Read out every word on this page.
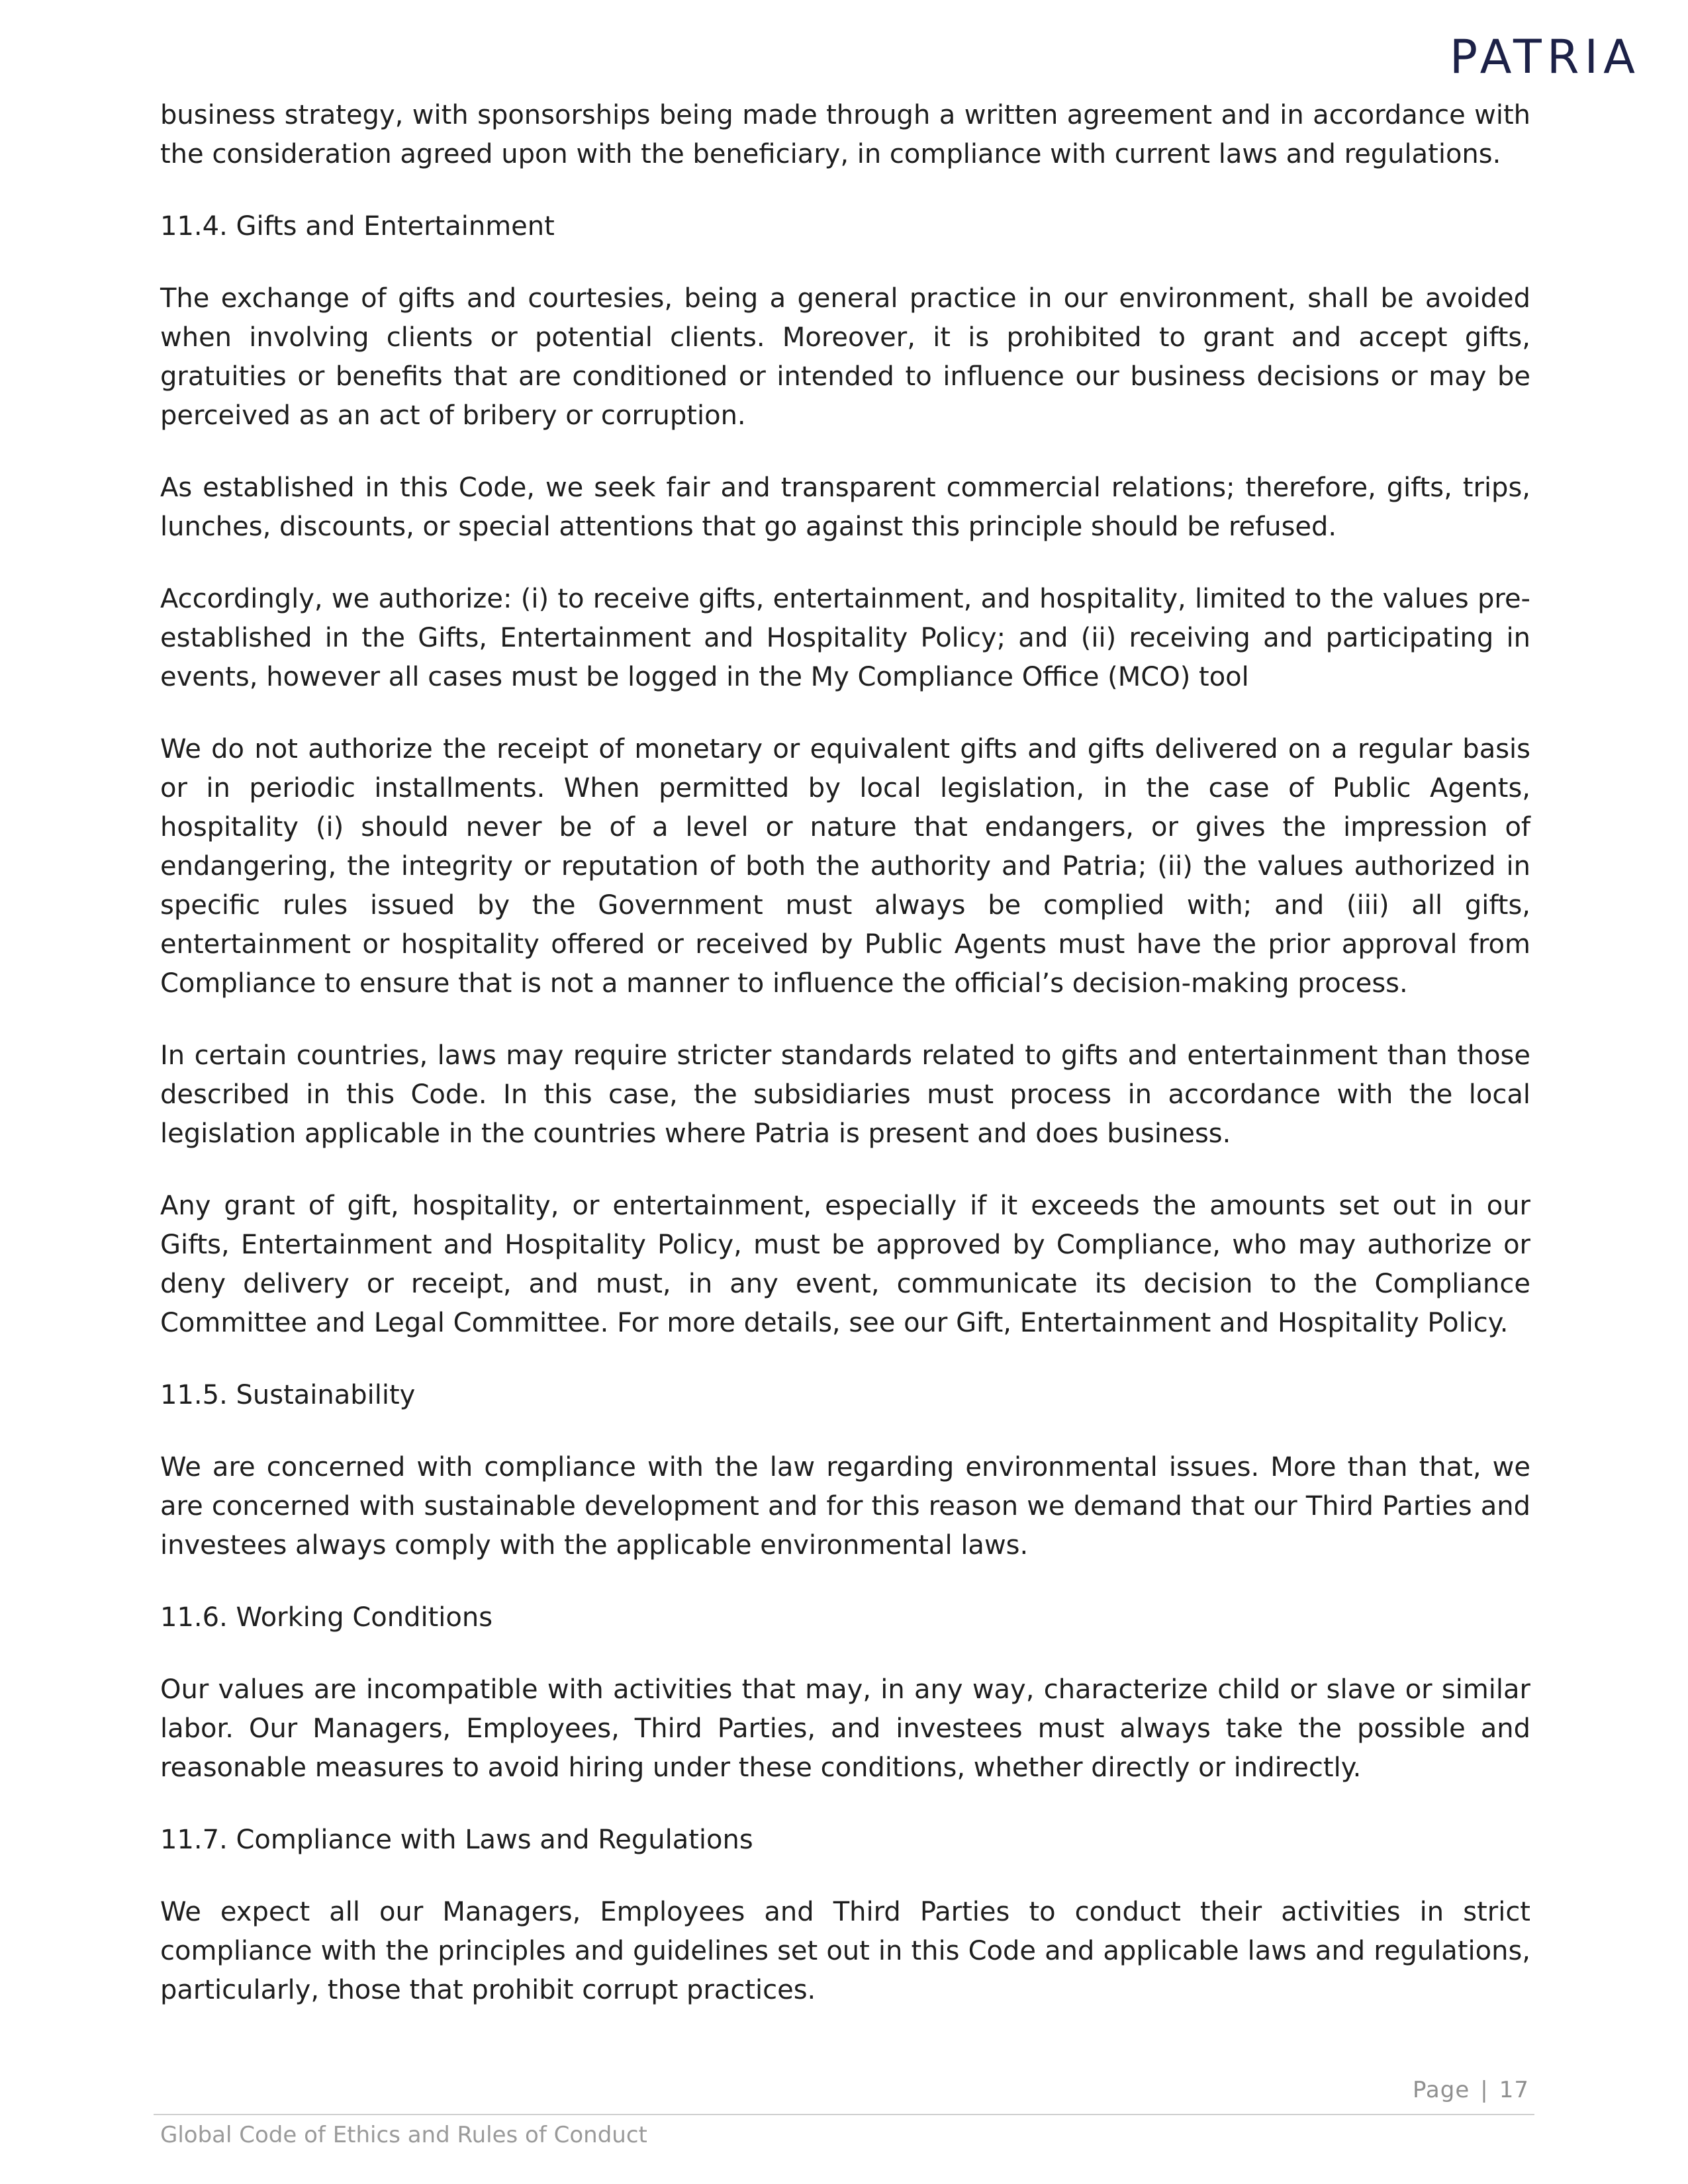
PATRIA

business strategy, with sponsorships being made through a written agreement and in accordance with the consideration agreed upon with the beneficiary, in compliance with current laws and regulations.

11.4. Gifts and Entertainment

The exchange of gifts and courtesies, being a general practice in our environment, shall be avoided when involving clients or potential clients. Moreover, it is prohibited to grant and accept gifts, gratuities or benefits that are conditioned or intended to influence our business decisions or may be perceived as an act of bribery or corruption.

As established in this Code, we seek fair and transparent commercial relations; therefore, gifts, trips, lunches, discounts, or special attentions that go against this principle should be refused.

Accordingly, we authorize: (i) to receive gifts, entertainment, and hospitality, limited to the values pre-established in the Gifts, Entertainment and Hospitality Policy; and (ii) receiving and participating in events, however all cases must be logged in the My Compliance Office (MCO) tool

We do not authorize the receipt of monetary or equivalent gifts and gifts delivered on a regular basis or in periodic installments. When permitted by local legislation, in the case of Public Agents, hospitality (i) should never be of a level or nature that endangers, or gives the impression of endangering, the integrity or reputation of both the authority and Patria; (ii) the values authorized in specific rules issued by the Government must always be complied with; and (iii) all gifts, entertainment or hospitality offered or received by Public Agents must have the prior approval from Compliance to ensure that is not a manner to influence the official’s decision-making process.

In certain countries, laws may require stricter standards related to gifts and entertainment than those described in this Code. In this case, the subsidiaries must process in accordance with the local legislation applicable in the countries where Patria is present and does business.

Any grant of gift, hospitality, or entertainment, especially if it exceeds the amounts set out in our Gifts, Entertainment and Hospitality Policy, must be approved by Compliance, who may authorize or deny delivery or receipt, and must, in any event, communicate its decision to the Compliance Committee and Legal Committee. For more details, see our Gift, Entertainment and Hospitality Policy.

11.5. Sustainability

We are concerned with compliance with the law regarding environmental issues. More than that, we are concerned with sustainable development and for this reason we demand that our Third Parties and investees always comply with the applicable environmental laws.

11.6. Working Conditions

Our values are incompatible with activities that may, in any way, characterize child or slave or similar labor. Our Managers, Employees, Third Parties, and investees must always take the possible and reasonable measures to avoid hiring under these conditions, whether directly or indirectly.

11.7. Compliance with Laws and Regulations

We expect all our Managers, Employees and Third Parties to conduct their activities in strict compliance with the principles and guidelines set out in this Code and applicable laws and regulations, particularly, those that prohibit corrupt practices.

Page | 17
Global Code of Ethics and Rules of Conduct
